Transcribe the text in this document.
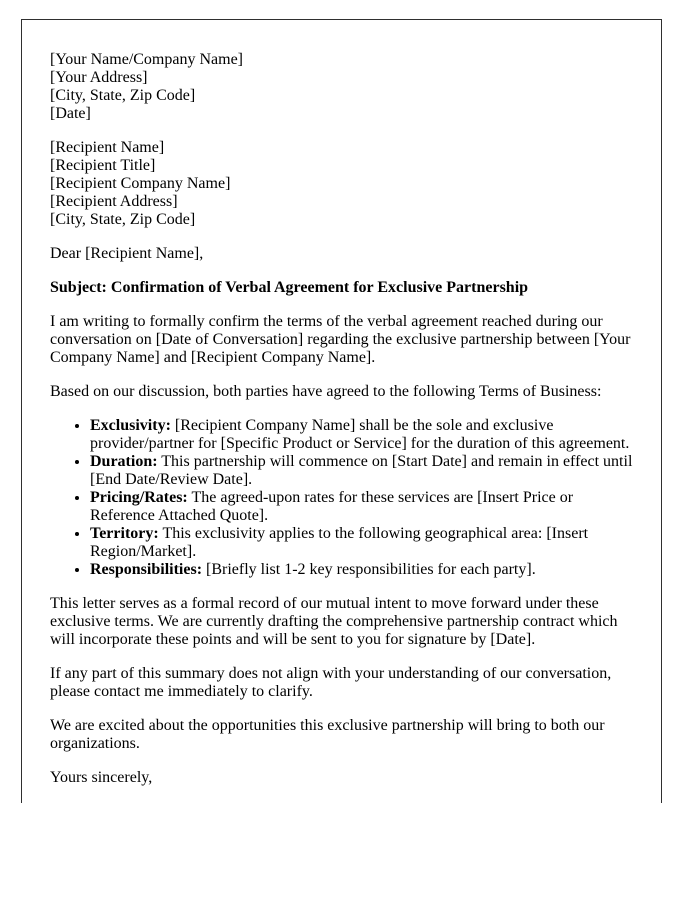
[Your Name/Company Name]
[Your Address]
[City, State, Zip Code]
[Date]

[Recipient Name]
[Recipient Title]
[Recipient Company Name]
[Recipient Address]
[City, State, Zip Code]

Dear [Recipient Name],

Subject: Confirmation of Verbal Agreement for Exclusive Partnership

I am writing to formally confirm the terms of the verbal agreement reached during our conversation on [Date of Conversation] regarding the exclusive partnership between [Your Company Name] and [Recipient Company Name].

Based on our discussion, both parties have agreed to the following Terms of Business:

• Exclusivity: [Recipient Company Name] shall be the sole and exclusive provider/partner for [Specific Product or Service] for the duration of this agreement.
• Duration: This partnership will commence on [Start Date] and remain in effect until [End Date/Review Date].
• Pricing/Rates: The agreed-upon rates for these services are [Insert Price or Reference Attached Quote].
• Territory: This exclusivity applies to the following geographical area: [Insert Region/Market].
• Responsibilities: [Briefly list 1-2 key responsibilities for each party].

This letter serves as a formal record of our mutual intent to move forward under these exclusive terms. We are currently drafting the comprehensive partnership contract which will incorporate these points and will be sent to you for signature by [Date].

If any part of this summary does not align with your understanding of our conversation, please contact me immediately to clarify.

We are excited about the opportunities this exclusive partnership will bring to both our organizations.

Yours sincerely,
